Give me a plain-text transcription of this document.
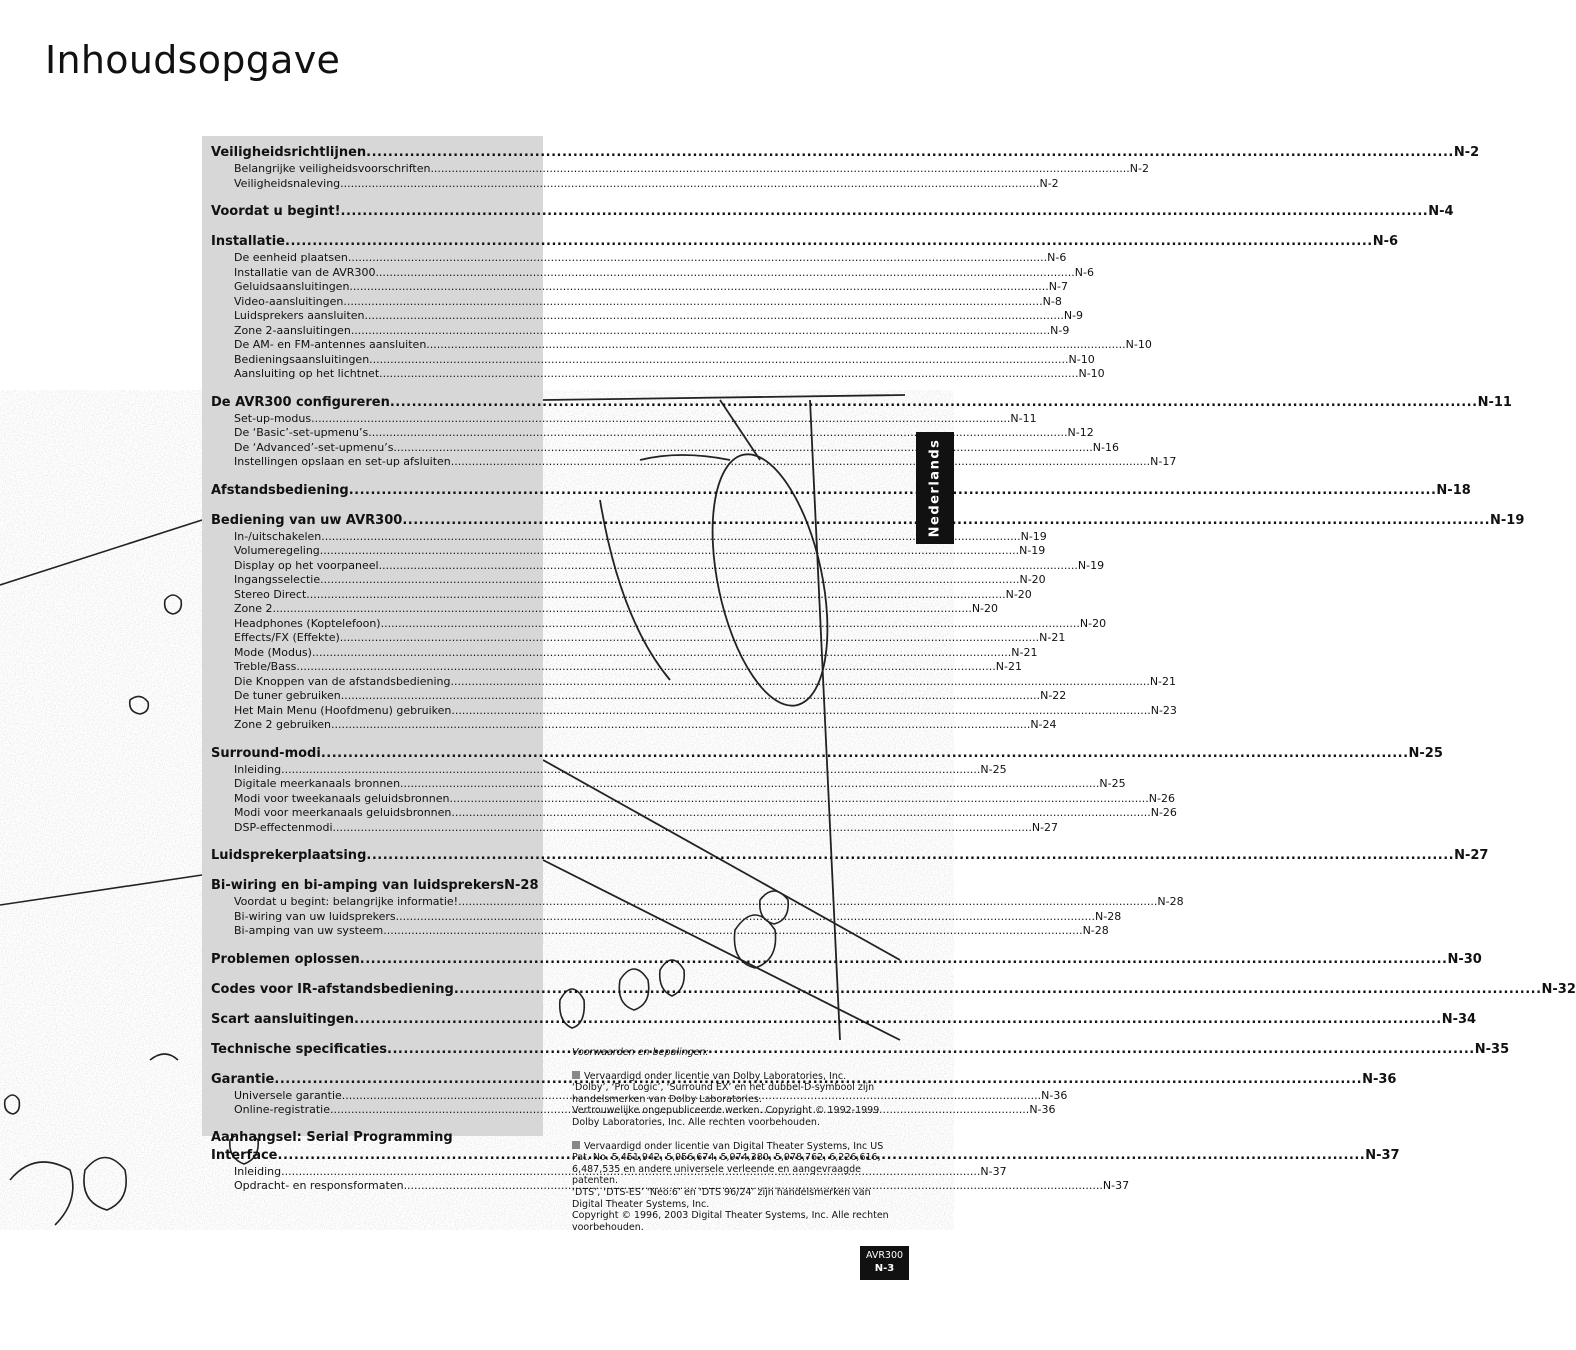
Inhoudsopgave
Veiligheidsrichtlijnen .....	N-2
Belangrijke veiligheidsvoorschriften .....	N-2
Veiligheidsnaleving .....	N-2
Voordat u begint! .....	N-4
Installatie .....	N-6
De eenheid plaatsen .....	N-6
Installatie van de AVR300 .....	N-6
Geluidsaansluitingen .....	N-7
Video-aansluitingen .....	N-8
Luidsprekers aansluiten .....	N-9
Zone 2-aansluitingen .....	N-9
De AM- en FM-antennes aansluiten .....	N-10
Bedieningsaansluitingen .....	N-10
Aansluiting op het lichtnet .....	N-10
De AVR300 configureren .....	N-11
Set-up-modus .....	N-11
De ‘Basic’-set-upmenu’s .....	N-12
De ‘Advanced’-set-upmenu’s .....	N-16
Instellingen opslaan en set-up afsluiten .....	N-17
Afstandsbediening .....	N-18
Bediening van uw AVR300 .....	N-19
In-/uitschakelen .....	N-19
Volumeregeling .....	N-19
Display op het voorpaneel .....	N-19
Ingangsselectie .....	N-20
Stereo Direct .....	N-20
Zone 2 .....	N-20
Headphones (Koptelefoon) .....	N-20
Effects/FX (Effekte) .....	N-21
Mode (Modus) .....	N-21
Treble/Bass .....	N-21
Die Knoppen van de afstandsbediening .....	N-21
De tuner gebruiken .....	N-22
Het Main Menu (Hoofdmenu) gebruiken .....	N-23
Zone 2 gebruiken .....	N-24
Surround-modi .....	N-25
Inleiding .....	N-25
Digitale meerkanaals bronnen .....	N-25
Modi voor tweekanaals geluidsbronnen .....	N-26
Modi voor meerkanaals geluidsbronnen .....	N-26
DSP-effectenmodi .....	N-27
Luidsprekerplaatsing .....	N-27
Bi-wiring en bi-amping van luidsprekers N-28
Voordat u begint: belangrijke informatie! .....	N-28
Bi-wiring van uw luidsprekers .....	N-28
Bi-amping van uw systeem .....	N-28
Problemen oplossen .....	N-30
Codes voor IR-afstandsbediening .....	N-32
Scart aansluitingen .....	N-34
Technische specificaties .....	N-35
Garantie .....	N-36
Universele garantie .....	N-36
Online-registratie .....	N-36
Aanhangsel: Serial Programming
Interface .....	N-37
Inleiding .....	N-37
Opdracht- en responsformaten .....	N-37
Nederlands
Voorwaarden en bepalingen:

Vervaardigd onder licentie van Dolby Laboratories, Inc.
‘Dolby’, ‘Pro Logic’, ‘Surround EX’ en het dubbel-D-symbool zijn handelsmerken van Dolby Laboratories.
Vertrouwelijke ongepubliceerde werken. Copyright © 1992-1999 Dolby Laboratories, Inc. Alle rechten voorbehouden.

Vervaardigd onder licentie van Digital Theater Systems, Inc US Pat. No. 5,451,942, 5,956,674, 5,974,380, 5,978,762, 6,226,616, 6,487,535 en andere universele verleende en aangevraagde patenten.
‘DTS’, ‘DTS-ES’ ‘Neo:6’ en ‘DTS 96/24’ zijn handelsmerken van Digital Theater Systems, Inc.
Copyright © 1996, 2003 Digital Theater Systems, Inc. Alle rechten voorbehouden.

AVR300
N-3
